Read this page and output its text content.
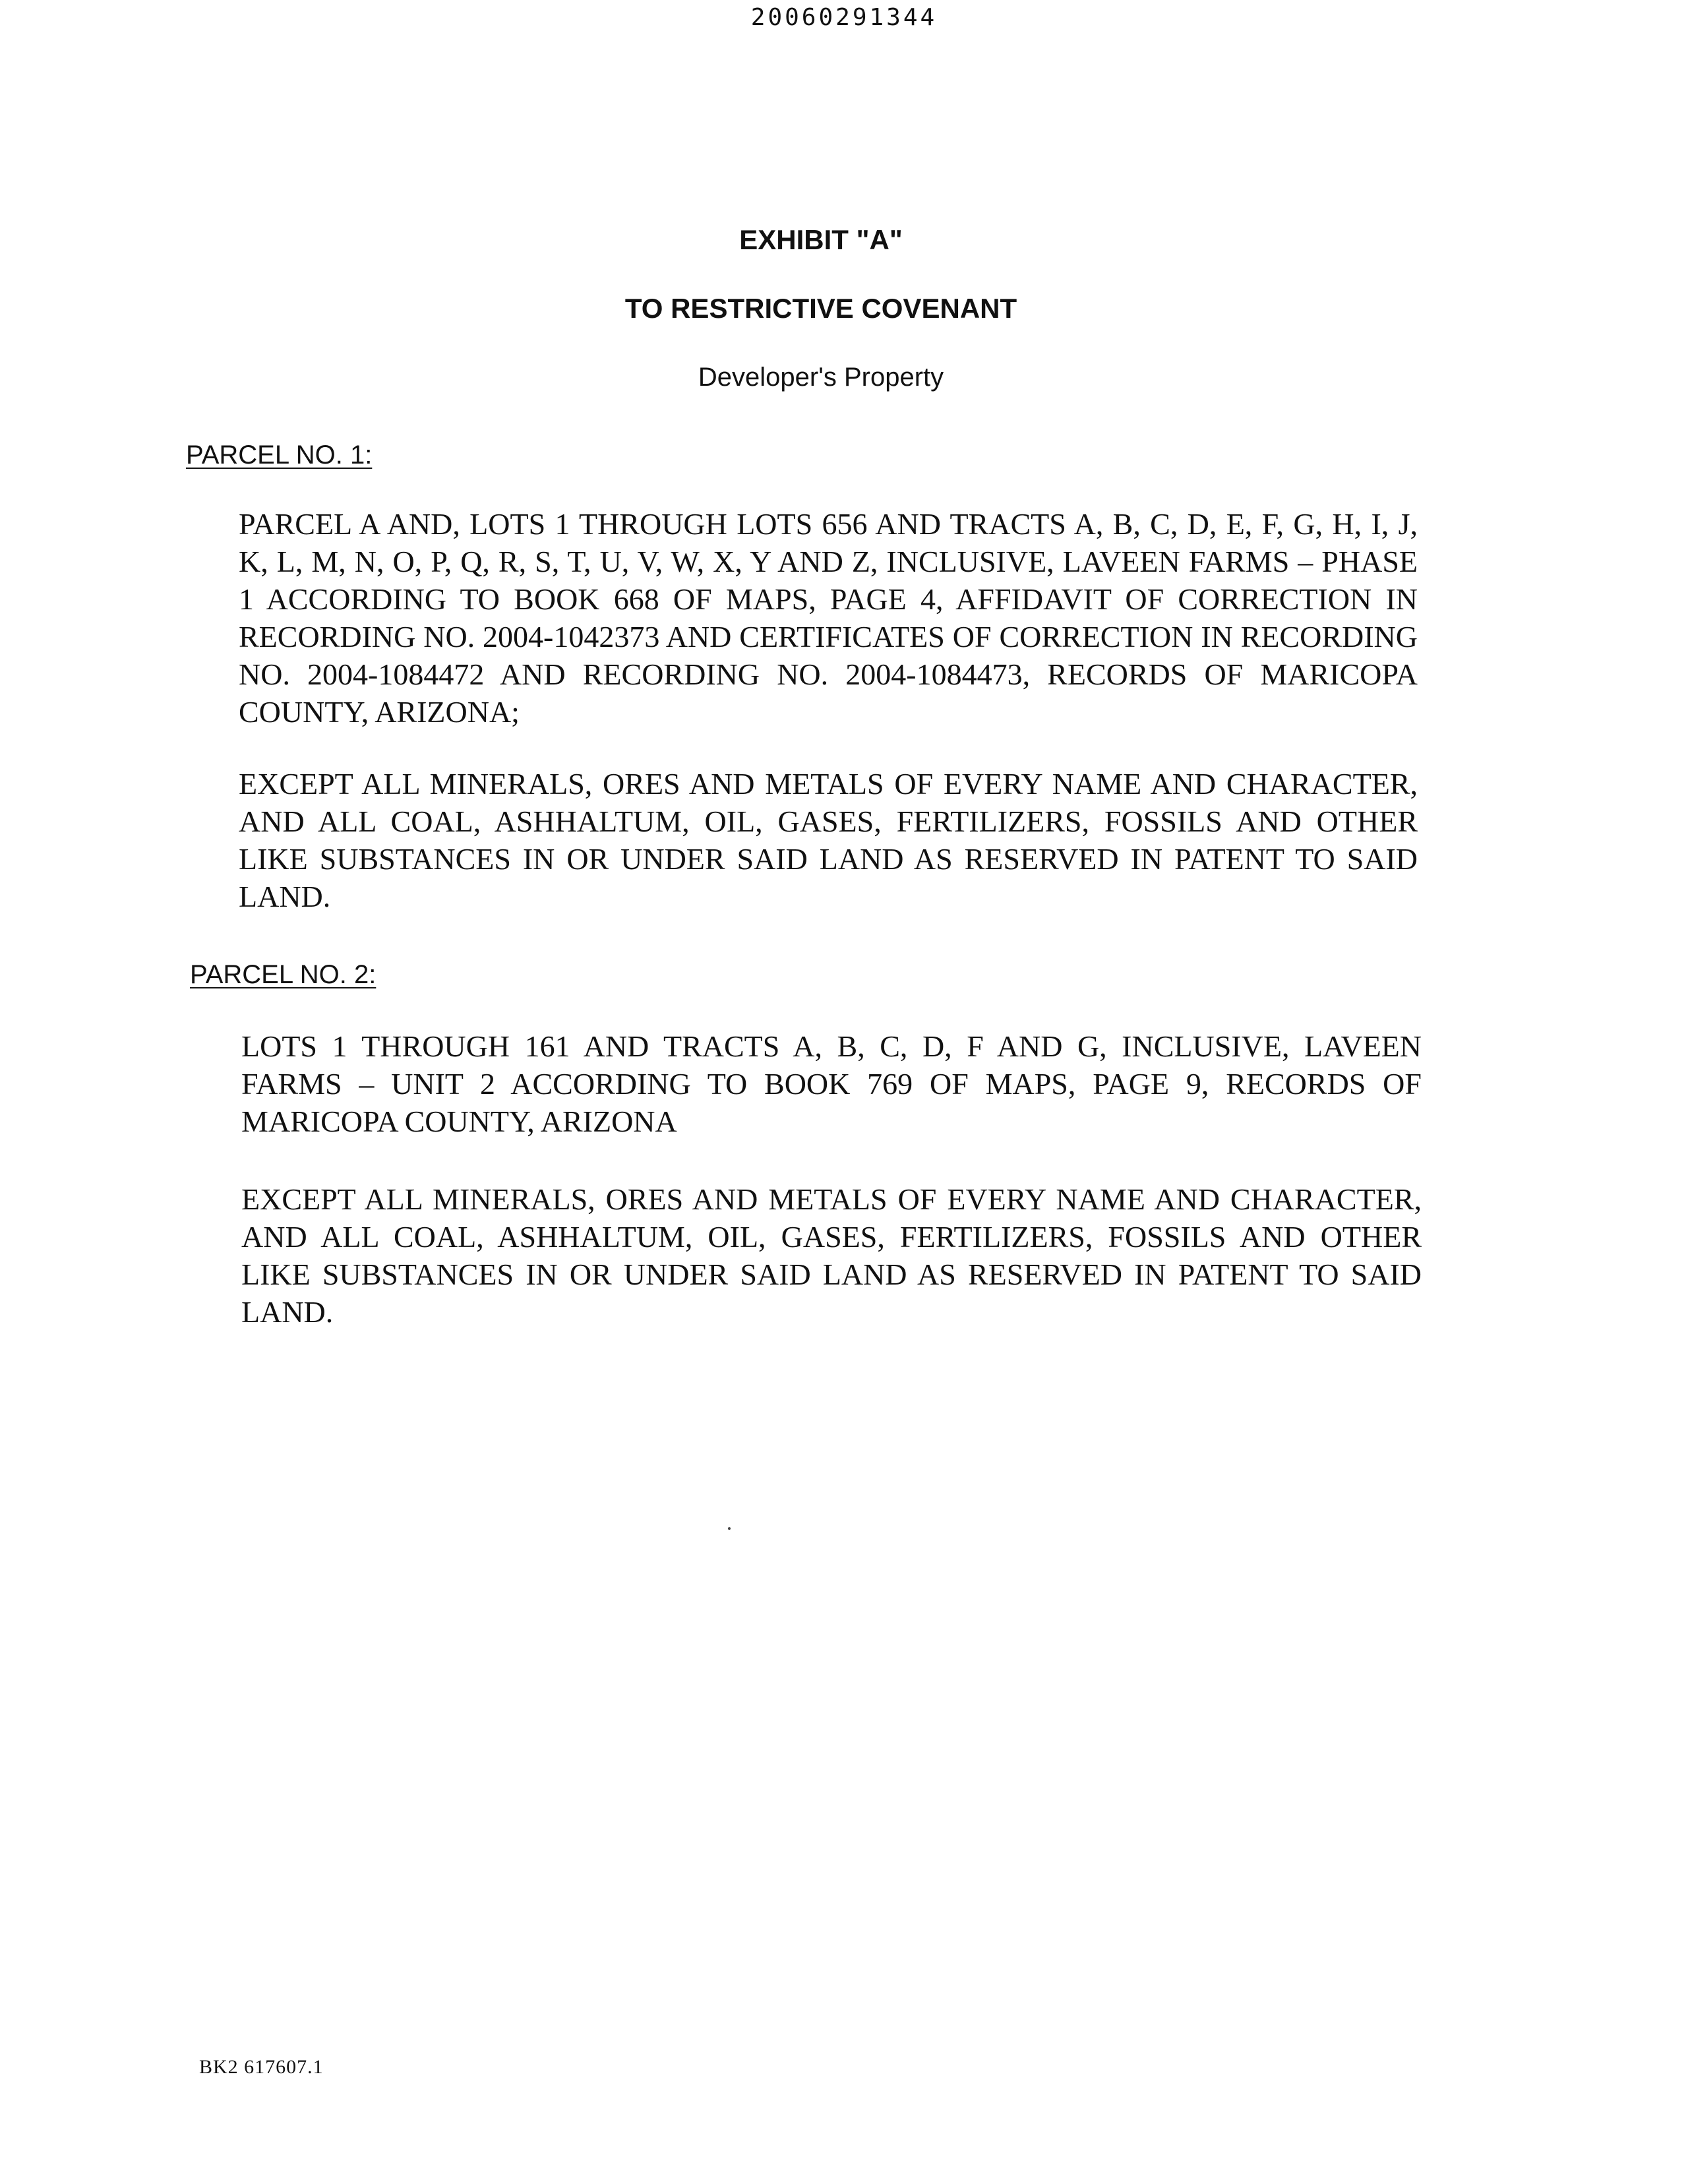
20060291344
EXHIBIT "A"
TO RESTRICTIVE COVENANT
Developer's Property
PARCEL NO. 1:
PARCEL A AND, LOTS 1 THROUGH LOTS 656 AND TRACTS A, B, C, D, E, F, G, H, I, J, K, L, M, N, O, P, Q, R, S, T, U, V, W, X, Y AND Z, INCLUSIVE, LAVEEN FARMS – PHASE 1 ACCORDING TO BOOK 668 OF MAPS, PAGE 4, AFFIDAVIT OF CORRECTION IN RECORDING NO. 2004-1042373 AND CERTIFICATES OF CORRECTION IN RECORDING NO. 2004-1084472 AND RECORDING NO. 2004-1084473, RECORDS OF MARICOPA COUNTY, ARIZONA;
EXCEPT ALL MINERALS, ORES AND METALS OF EVERY NAME AND CHARACTER, AND ALL COAL, ASHHALTUM, OIL, GASES, FERTILIZERS, FOSSILS AND OTHER LIKE SUBSTANCES IN OR UNDER SAID LAND AS RESERVED IN PATENT TO SAID LAND.
PARCEL NO. 2:
LOTS 1 THROUGH 161 AND TRACTS A, B, C, D, F AND G, INCLUSIVE, LAVEEN FARMS – UNIT 2 ACCORDING TO BOOK 769 OF MAPS, PAGE 9, RECORDS OF MARICOPA COUNTY, ARIZONA
EXCEPT ALL MINERALS, ORES AND METALS OF EVERY NAME AND CHARACTER, AND ALL COAL, ASHHALTUM, OIL, GASES, FERTILIZERS, FOSSILS AND OTHER LIKE SUBSTANCES IN OR UNDER SAID LAND AS RESERVED IN PATENT TO SAID LAND.
BK2 617607.1
